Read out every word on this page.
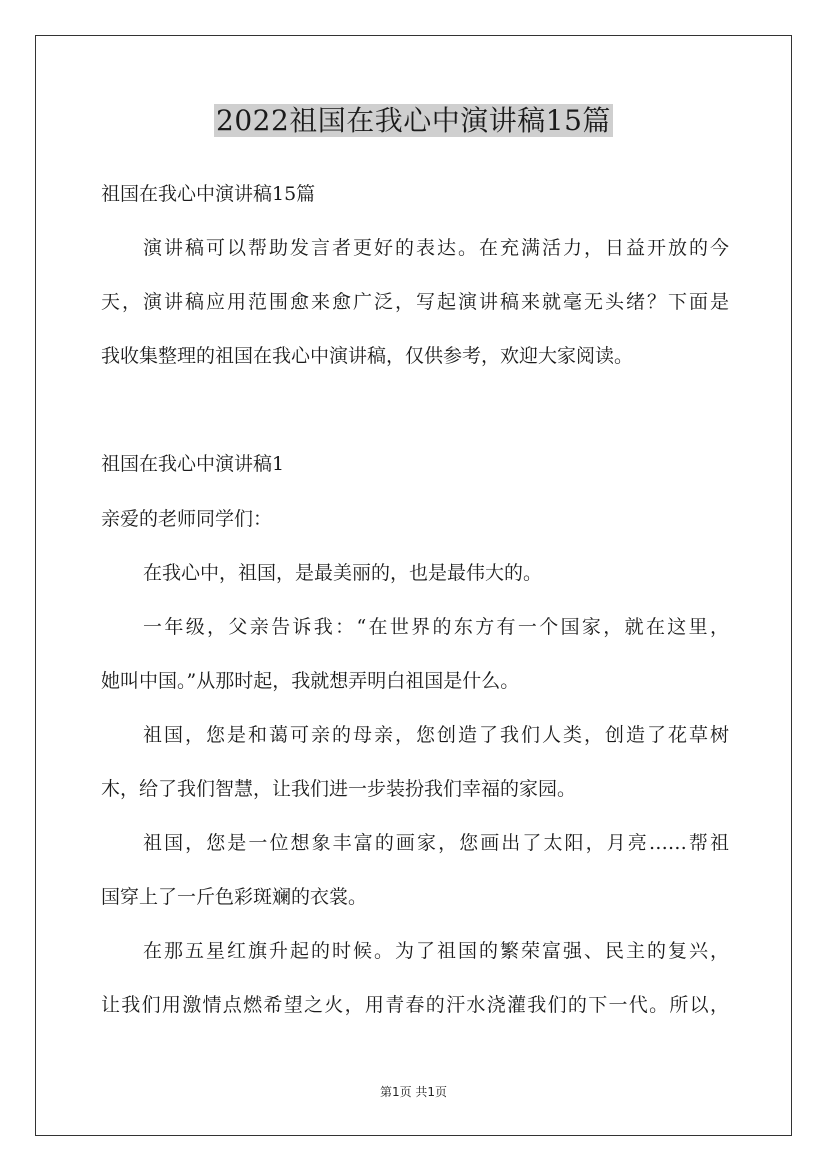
2022祖国在我心中演讲稿15篇
祖国在我心中演讲稿15篇
演讲稿可以帮助发言者更好的表达。在充满活力，日益开放的今
天，演讲稿应用范围愈来愈广泛，写起演讲稿来就毫无头绪？下面是
我收集整理的祖国在我心中演讲稿，仅供参考，欢迎大家阅读。
祖国在我心中演讲稿1
亲爱的老师同学们：
在我心中，祖国，是最美丽的，也是最伟大的。
一年级，父亲告诉我：“在世界的东方有一个国家，就在这里，
她叫中国。”从那时起，我就想弄明白祖国是什么。
祖国，您是和蔼可亲的母亲，您创造了我们人类，创造了花草树
木，给了我们智慧，让我们进一步装扮我们幸福的家园。
祖国，您是一位想象丰富的画家，您画出了太阳，月亮……帮祖
国穿上了一斤色彩斑斓的衣裳。
在那五星红旗升起的时候。为了祖国的繁荣富强、民主的复兴，
让我们用激情点燃希望之火，用青春的汗水浇灌我们的下一代。所以，
第1页 共1页
